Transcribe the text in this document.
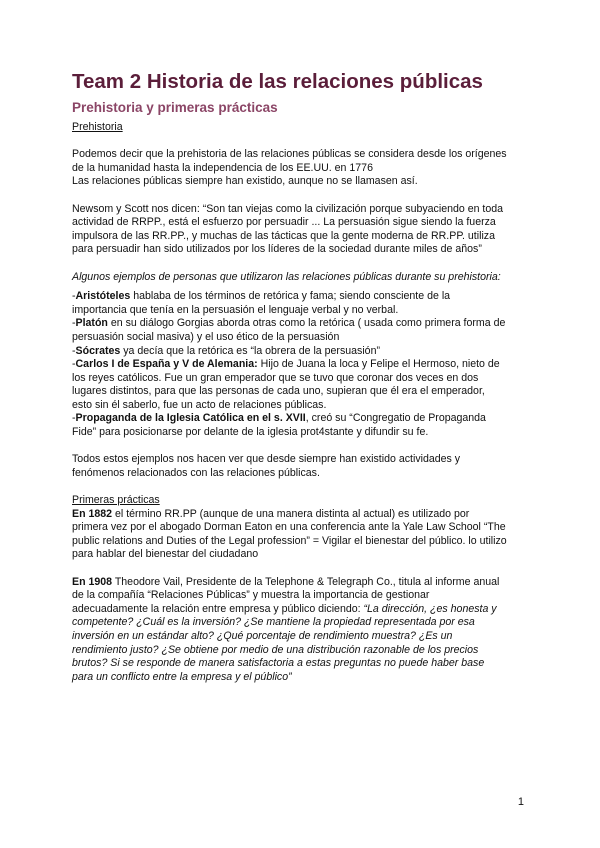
Team 2 Historia de las relaciones públicas
Prehistoria y primeras prácticas

Prehistoria

Podemos decir que la prehistoria de las relaciones públicas se considera desde los orígenes

de la humanidad hasta la independencia de los EE.UU. en 1776

Las relaciones públicas siempre han existido, aunque no se llamasen así.

Newsom y Scott nos dicen: “Son tan viejas como la civilización porque subyaciendo en toda

actividad de RRPP., está el esfuerzo por persuadir ... La persuasión sigue siendo la fuerza

impulsora de las RR.PP., y muchas de las tácticas que la gente moderna de RR.PP. utiliza

para persuadir han sido utilizados por los líderes de la sociedad durante miles de años”

Algunos ejemplos de personas que utilizaron las relaciones públicas durante su prehistoria:

-Aristóteles hablaba de los términos de retórica y fama; siendo consciente de la

importancia que tenía en la persuasión el lenguaje verbal y no verbal.

-Platón en su diálogo Gorgias aborda otras como la retórica ( usada como primera forma de

persuasión social masiva) y el uso ético de la persuasión

-Sócrates ya decía que la retórica es “la obrera de la persuasión”

-Carlos I de España y V de Alemania: Hijo de Juana la loca y Felipe el Hermoso, nieto de

los reyes católicos. Fue un gran emperador que se tuvo que coronar dos veces en dos

lugares distintos, para que las personas de cada uno, supieran que él era el emperador,

esto sin él saberlo, fue un acto de relaciones públicas.

-Propaganda de la Iglesia Católica en el s. XVII, creó su “Congregatio de Propaganda

Fide” para posicionarse por delante de la iglesia prot4stante y difundir su fe.

Todos estos ejemplos nos hacen ver que desde siempre han existido actividades y

fenómenos relacionados con las relaciones públicas.

Primeras prácticas

En 1882 el término RR.PP (aunque de una manera distinta al actual) es utilizado por

primera vez por el abogado Dorman Eaton en una conferencia ante la Yale Law School “The

public relations and Duties of the Legal profession” = Vigilar el bienestar del público. lo utilizo

para hablar del bienestar del ciudadano

En 1908 Theodore Vail, Presidente de la Telephone & Telegraph Co., titula al informe anual

de la compañía “Relaciones Públicas” y muestra la importancia de gestionar

adecuadamente la relación entre empresa y público diciendo: “La dirección, ¿es honesta y

competente? ¿Cuál es la inversión? ¿Se mantiene la propiedad representada por esa

inversión en un estándar alto? ¿Qué porcentaje de rendimiento muestra? ¿Es un

rendimiento justo? ¿Se obtiene por medio de una distribución razonable de los precios

brutos? Si se responde de manera satisfactoria a estas preguntas no puede haber base

para un conflicto entre la empresa y el público”

1
